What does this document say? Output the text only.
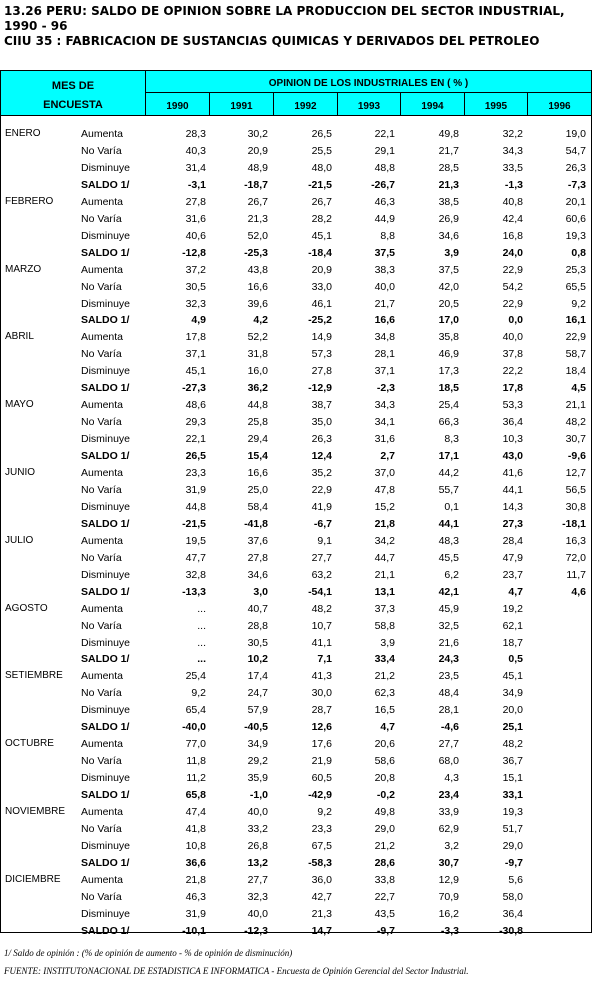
13.26 PERU: SALDO DE OPINION SOBRE LA PRODUCCION DEL SECTOR INDUSTRIAL,
1990 - 96
CIIU 35 : FABRICACION DE SUSTANCIAS QUIMICAS Y DERIVADOS DEL PETROLEO
MES DE
ENCUESTA
OPINION DE LOS INDUSTRIALES EN ( % )
1990	1991	1992	1993	1994	1995	1996
ENERO	Aumenta	28,3	30,2	26,5	22,1	49,8	32,2	19,0
No Varía	40,3	20,9	25,5	29,1	21,7	34,3	54,7
Disminuye	31,4	48,9	48,0	48,8	28,5	33,5	26,3
SALDO 1/	-3,1	-18,7	-21,5	-26,7	21,3	-1,3	-7,3
FEBRERO	Aumenta	27,8	26,7	26,7	46,3	38,5	40,8	20,1
No Varía	31,6	21,3	28,2	44,9	26,9	42,4	60,6
Disminuye	40,6	52,0	45,1	8,8	34,6	16,8	19,3
SALDO 1/	-12,8	-25,3	-18,4	37,5	3,9	24,0	0,8
MARZO	Aumenta	37,2	43,8	20,9	38,3	37,5	22,9	25,3
No Varía	30,5	16,6	33,0	40,0	42,0	54,2	65,5
Disminuye	32,3	39,6	46,1	21,7	20,5	22,9	9,2
SALDO 1/	4,9	4,2	-25,2	16,6	17,0	0,0	16,1
ABRIL	Aumenta	17,8	52,2	14,9	34,8	35,8	40,0	22,9
No Varía	37,1	31,8	57,3	28,1	46,9	37,8	58,7
Disminuye	45,1	16,0	27,8	37,1	17,3	22,2	18,4
SALDO 1/	-27,3	36,2	-12,9	-2,3	18,5	17,8	4,5
MAYO	Aumenta	48,6	44,8	38,7	34,3	25,4	53,3	21,1
No Varía	29,3	25,8	35,0	34,1	66,3	36,4	48,2
Disminuye	22,1	29,4	26,3	31,6	8,3	10,3	30,7
SALDO 1/	26,5	15,4	12,4	2,7	17,1	43,0	-9,6
JUNIO	Aumenta	23,3	16,6	35,2	37,0	44,2	41,6	12,7
No Varía	31,9	25,0	22,9	47,8	55,7	44,1	56,5
Disminuye	44,8	58,4	41,9	15,2	0,1	14,3	30,8
SALDO 1/	-21,5	-41,8	-6,7	21,8	44,1	27,3	-18,1
JULIO	Aumenta	19,5	37,6	9,1	34,2	48,3	28,4	16,3
No Varía	47,7	27,8	27,7	44,7	45,5	47,9	72,0
Disminuye	32,8	34,6	63,2	21,1	6,2	23,7	11,7
SALDO 1/	-13,3	3,0	-54,1	13,1	42,1	4,7	4,6
AGOSTO	Aumenta	...	40,7	48,2	37,3	45,9	19,2
No Varía	...	28,8	10,7	58,8	32,5	62,1
Disminuye	...	30,5	41,1	3,9	21,6	18,7
SALDO 1/	...	10,2	7,1	33,4	24,3	0,5
SETIEMBRE Aumenta	25,4	17,4	41,3	21,2	23,5	45,1
No Varía	9,2	24,7	30,0	62,3	48,4	34,9
Disminuye	65,4	57,9	28,7	16,5	28,1	20,0
SALDO 1/	-40,0	-40,5	12,6	4,7	-4,6	25,1
OCTUBRE	Aumenta	77,0	34,9	17,6	20,6	27,7	48,2
No Varía	11,8	29,2	21,9	58,6	68,0	36,7
Disminuye	11,2	35,9	60,5	20,8	4,3	15,1
SALDO 1/	65,8	-1,0	-42,9	-0,2	23,4	33,1
NOVIEMBRE Aumenta	47,4	40,0	9,2	49,8	33,9	19,3
No Varía	41,8	33,2	23,3	29,0	62,9	51,7
Disminuye	10,8	26,8	67,5	21,2	3,2	29,0
SALDO 1/	36,6	13,2	-58,3	28,6	30,7	-9,7
DICIEMBRE Aumenta	21,8	27,7	36,0	33,8	12,9	5,6
No Varía	46,3	32,3	42,7	22,7	70,9	58,0
Disminuye	31,9	40,0	21,3	43,5	16,2	36,4
SALDO 1/	-10,1	-12,3	14,7	-9,7	-3,3	-30,8
1/ Saldo de opinión : (% de opinión de aumento - % de opinión de disminución)
FUENTE: INSTITUTONACIONAL DE ESTADISTICA E INFORMATICA - Encuesta de Opinión Gerencial del Sector Industrial.
